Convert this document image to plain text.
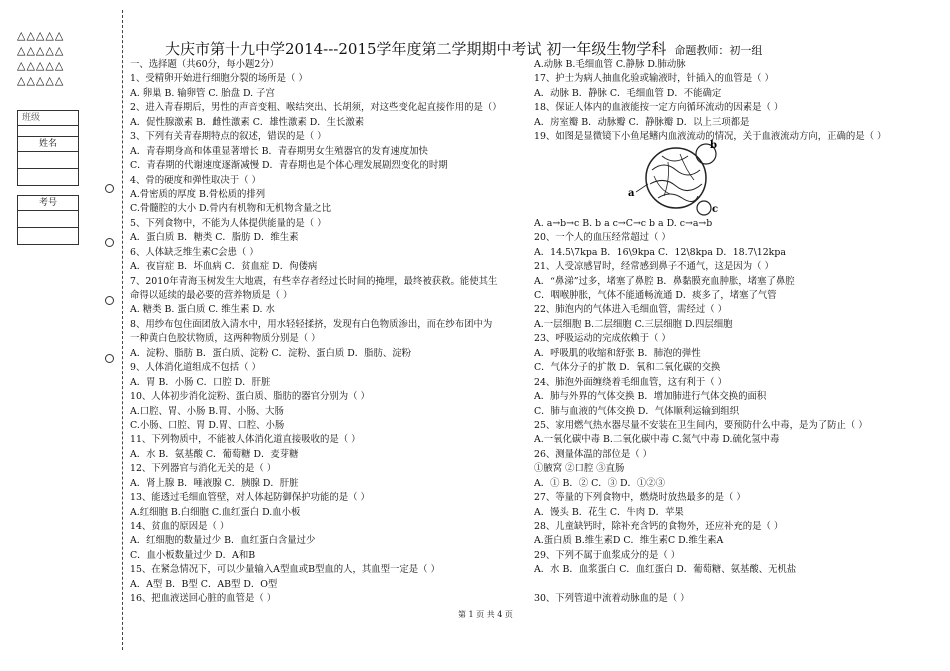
△△△△△
△△△△△
△△△△△
△△△△△
班级
姓名
考号
大庆市第十九中学2014---2015学年度第二学期期中考试 初一年级生物学科 命题教师：初一组
一、选择题（共60分，每小题2分）
1、受精卵开始进行细胞分裂的场所是（ ）
A. 卵巢 B. 输卵管 C. 胎盘 D. 子宫
2、进入青春期后，男性的声音变粗、喉结突出、长胡须，对这些变化起直接作用的是（）
A．促性腺激素 B．雌性激素 C．雄性激素 D．生长激素
3、下列有关青春期特点的叙述，错误的是（ ）
A．青春期身高和体重显著增长 B．青春期男女生殖器官的发育速度加快
C．青春期的代谢速度逐渐减慢 D．青春期也是个体心理发展剧烈变化的时期
4、骨的硬度和弹性取决于（ ）
A.骨密质的厚度 B.骨松质的排列
C.骨髓腔的大小 D.骨内有机物和无机物含量之比
5、下列食物中，不能为人体提供能量的是（ ）
A．蛋白质 B．糖类 C．脂肪 D．维生素
6、人体缺乏维生素C会患（ ）
A．夜盲症 B．坏血病 C．贫血症 D．佝偻病
7、2010年青海玉树发生大地震，有些幸存者经过长时间的掩埋，最终被获救。能使其生
命得以延续的最必要的营养物质是（ ）
A. 糖类 B. 蛋白质 C. 维生素 D. 水
8、用纱布包住面团放入清水中，用水轻轻揉挤，发现有白色物质渗出，而在纱布团中为
一种黄白色胶状物质，这两种物质分别是（ ）
A．淀粉、脂肪 B．蛋白质、淀粉 C．淀粉、蛋白质 D．脂肪、淀粉
9、人体消化道组成不包括（ ）
A．胃 B．小肠 C．口腔 D．肝脏
10、人体初步消化淀粉、蛋白质、脂肪的器官分别为（ ）
A.口腔、胃、小肠 B.胃、小肠、大肠
C.小肠、口腔、胃 D.胃、口腔、小肠
11、下列物质中，不能被人体消化道直接吸收的是（ ）
A．水 B．氨基酸 C．葡萄糖 D．麦芽糖
12、下列器官与消化无关的是（ ）
A．肾上腺 B．唾液腺 C．胰腺 D．肝脏
13、能透过毛细血管壁，对人体起防御保护功能的是（ ）
A.红细胞 B.白细胞 C.血红蛋白 D.血小板
14、贫血的原因是（ ）
A．红细胞的数量过少 B．血红蛋白含量过少
C．血小板数量过少 D．A和B
15、在紧急情况下，可以少量输入A型血或B型血的人，其血型一定是（ ）
A．A型 B．B型 C．AB型 D．O型
16、把血液送回心脏的血管是（ ）
A.动脉 B.毛细血管 C.静脉 D.肺动脉
17、护士为病人抽血化验或输液时，针插入的血管是（ ）
A．动脉 B．静脉 C．毛细血管 D．不能确定
18、保证人体内的血液能按一定方向循环流动的因素是（ ）
A．房室瓣 B．动脉瓣 C．静脉瓣 D．以上三项都是
19、如图是显微镜下小鱼尾鳍内血液流动的情况，关于血液流动方向，正确的是（ ）
20、一个人的血压经常超过（ ）
A．14.5\7kpa B．16\9kpa C．12\8kpa D．18.7\12kpa
21、人受凉感冒时，经常感到鼻子不通气，这是因为（ ）
A．“鼻涕”过多，堵塞了鼻腔 B．鼻黏膜充血肿胀，堵塞了鼻腔
C．咽喉肿胀，气体不能通畅流通 D．痰多了，堵塞了气管
22、肺泡内的气体进入毛细血管，需经过（ ）
A.一层细胞 B.二层细胞 C.三层细胞 D.四层细胞
23、呼吸运动的完成依赖于（ ）
A．呼吸肌的收缩和舒张 B．肺泡的弹性
C．气体分子的扩散 D．氧和二氧化碳的交换
24、肺泡外面缠绕着毛细血管，这有利于（ ）
A．肺与外界的气体交换 B．增加肺进行气体交换的面积
C．肺与血液的气体交换 D．气体顺利运输到组织
25、家用燃气热水器尽量不安装在卫生间内，要预防什么中毒，是为了防止（ ）
A.一氧化碳中毒 B.二氧化碳中毒 C.氮气中毒 D.硫化氢中毒
26、测量体温的部位是（ ）
①腋窝 ②口腔 ③直肠
A．① B．② C．③ D．①②③
27、等量的下列食物中，燃烧时放热最多的是（ ）
A．馒头 B．花生 C．牛肉 D．苹果
28、儿童缺钙时，除补充含钙的食物外，还应补充的是（ ）
A.蛋白质 B.维生素D C．维生素C D.维生素A
29、下列不属于血浆成分的是（ ）
A．水 B．血浆蛋白 C．血红蛋白 D．葡萄糖、氨基酸、无机盐
30、下列管道中流着动脉血的是（ ）
b
a
c
A. a→b→c B. b a c→C→c b a D. c→a→b
第 1 页 共 4 页
